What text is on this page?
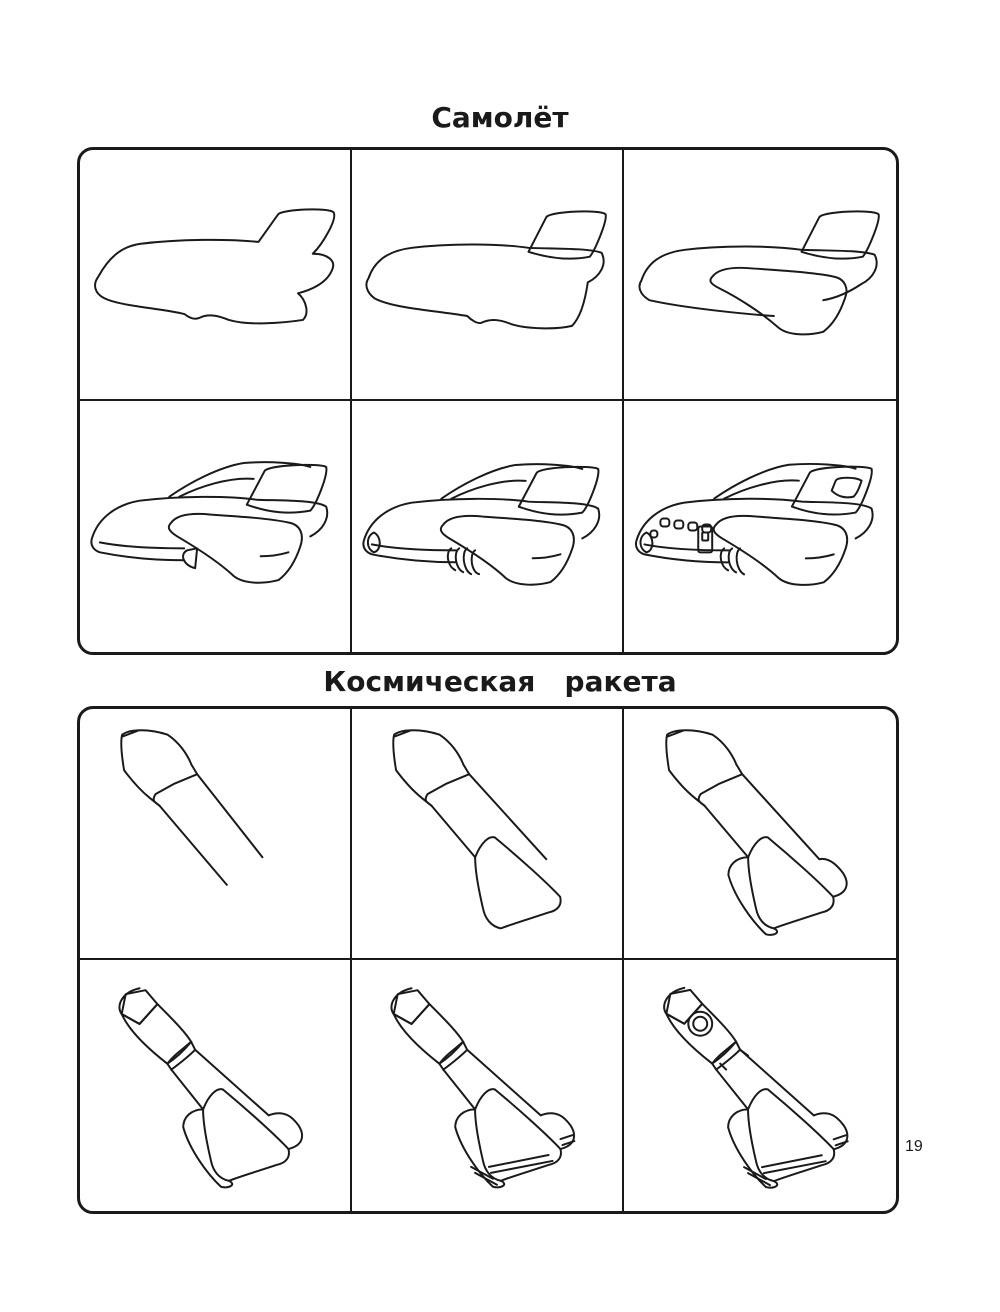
Самолёт
Космическая   ракета
19
